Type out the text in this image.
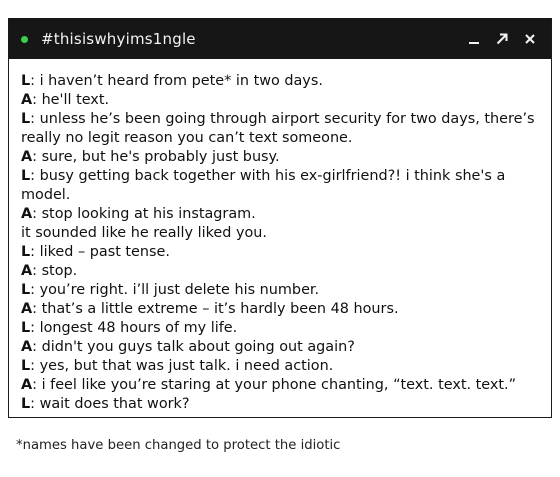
#thisiswhyims1ngle

L: i haven’t heard from pete* in two days.

A: he'll text.

L: unless he’s been going through airport security for two days, there’s really no legit reason you can’t text someone.

A: sure, but he's probably just busy.

L: busy getting back together with his ex-girlfriend?! i think she's a model.

A: stop looking at his instagram.

it sounded like he really liked you.

L: liked – past tense.

A: stop.

L: you’re right. i’ll just delete his number.

A: that’s a little extreme – it’s hardly been 48 hours.

L: longest 48 hours of my life.

A: didn't you guys talk about going out again?

L: yes, but that was just talk. i need action.

A: i feel like you’re staring at your phone chanting, “text. text. text.”

L: wait does that work?

*names have been changed to protect the idiotic
